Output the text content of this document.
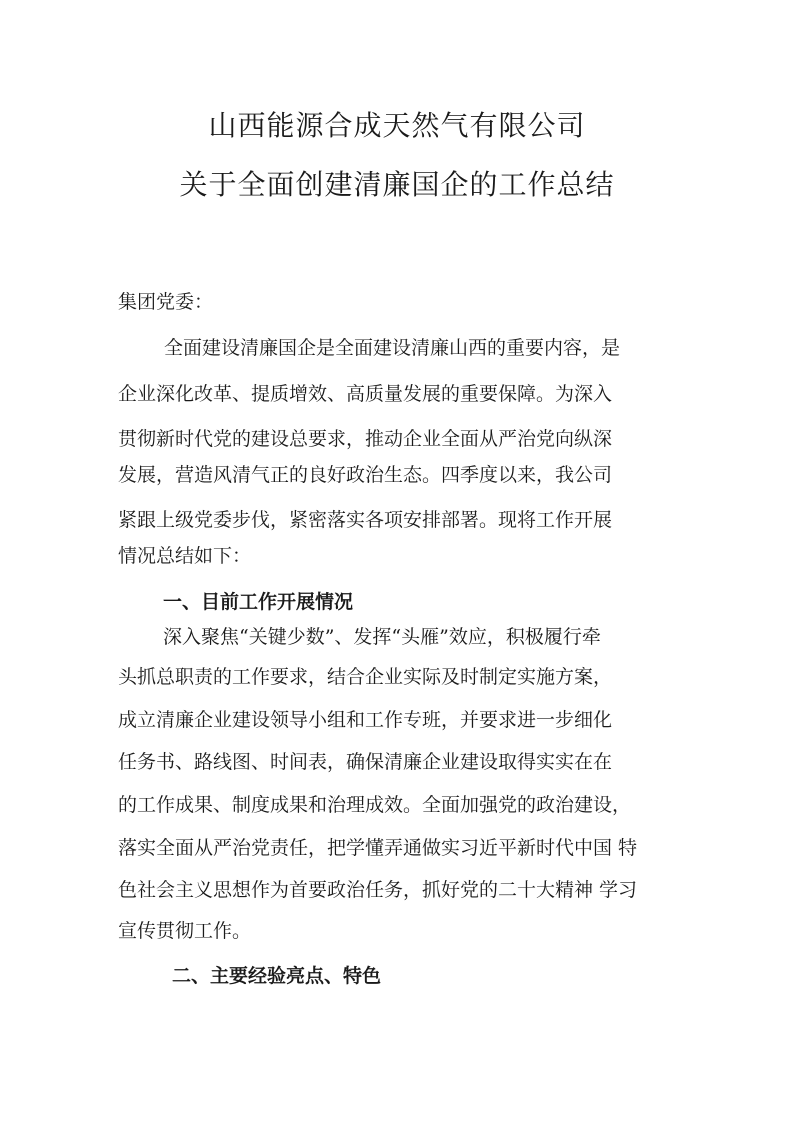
山西能源合成天然气有限公司
关于全面创建清廉国企的工作总结
集团党委：
全面建设清廉国企是全面建设清廉山西的重要内容，是
企业深化改革、提质增效、高质量发展的重要保障。为深入
贯彻新时代党的建设总要求，推动企业全面从严治党向纵深
发展，营造风清气正的良好政治生态。四季度以来，我公司
紧跟上级党委步伐，紧密落实各项安排部署。现将工作开展
情况总结如下：
一、目前工作开展情况
深入聚焦“关键少数”、发挥“头雁”效应，积极履行牵
头抓总职责的工作要求，结合企业实际及时制定实施方案，
成立清廉企业建设领导小组和工作专班，并要求进一步细化
任务书、路线图、时间表，确保清廉企业建设取得实实在在
的工作成果、制度成果和治理成效。全面加强党的政治建设，
落实全面从严治党责任，把学懂弄通做实习近平新时代中国 特
色社会主义思想作为首要政治任务，抓好党的二十大精神 学习
宣传贯彻工作。
二、主要经验亮点、特色
